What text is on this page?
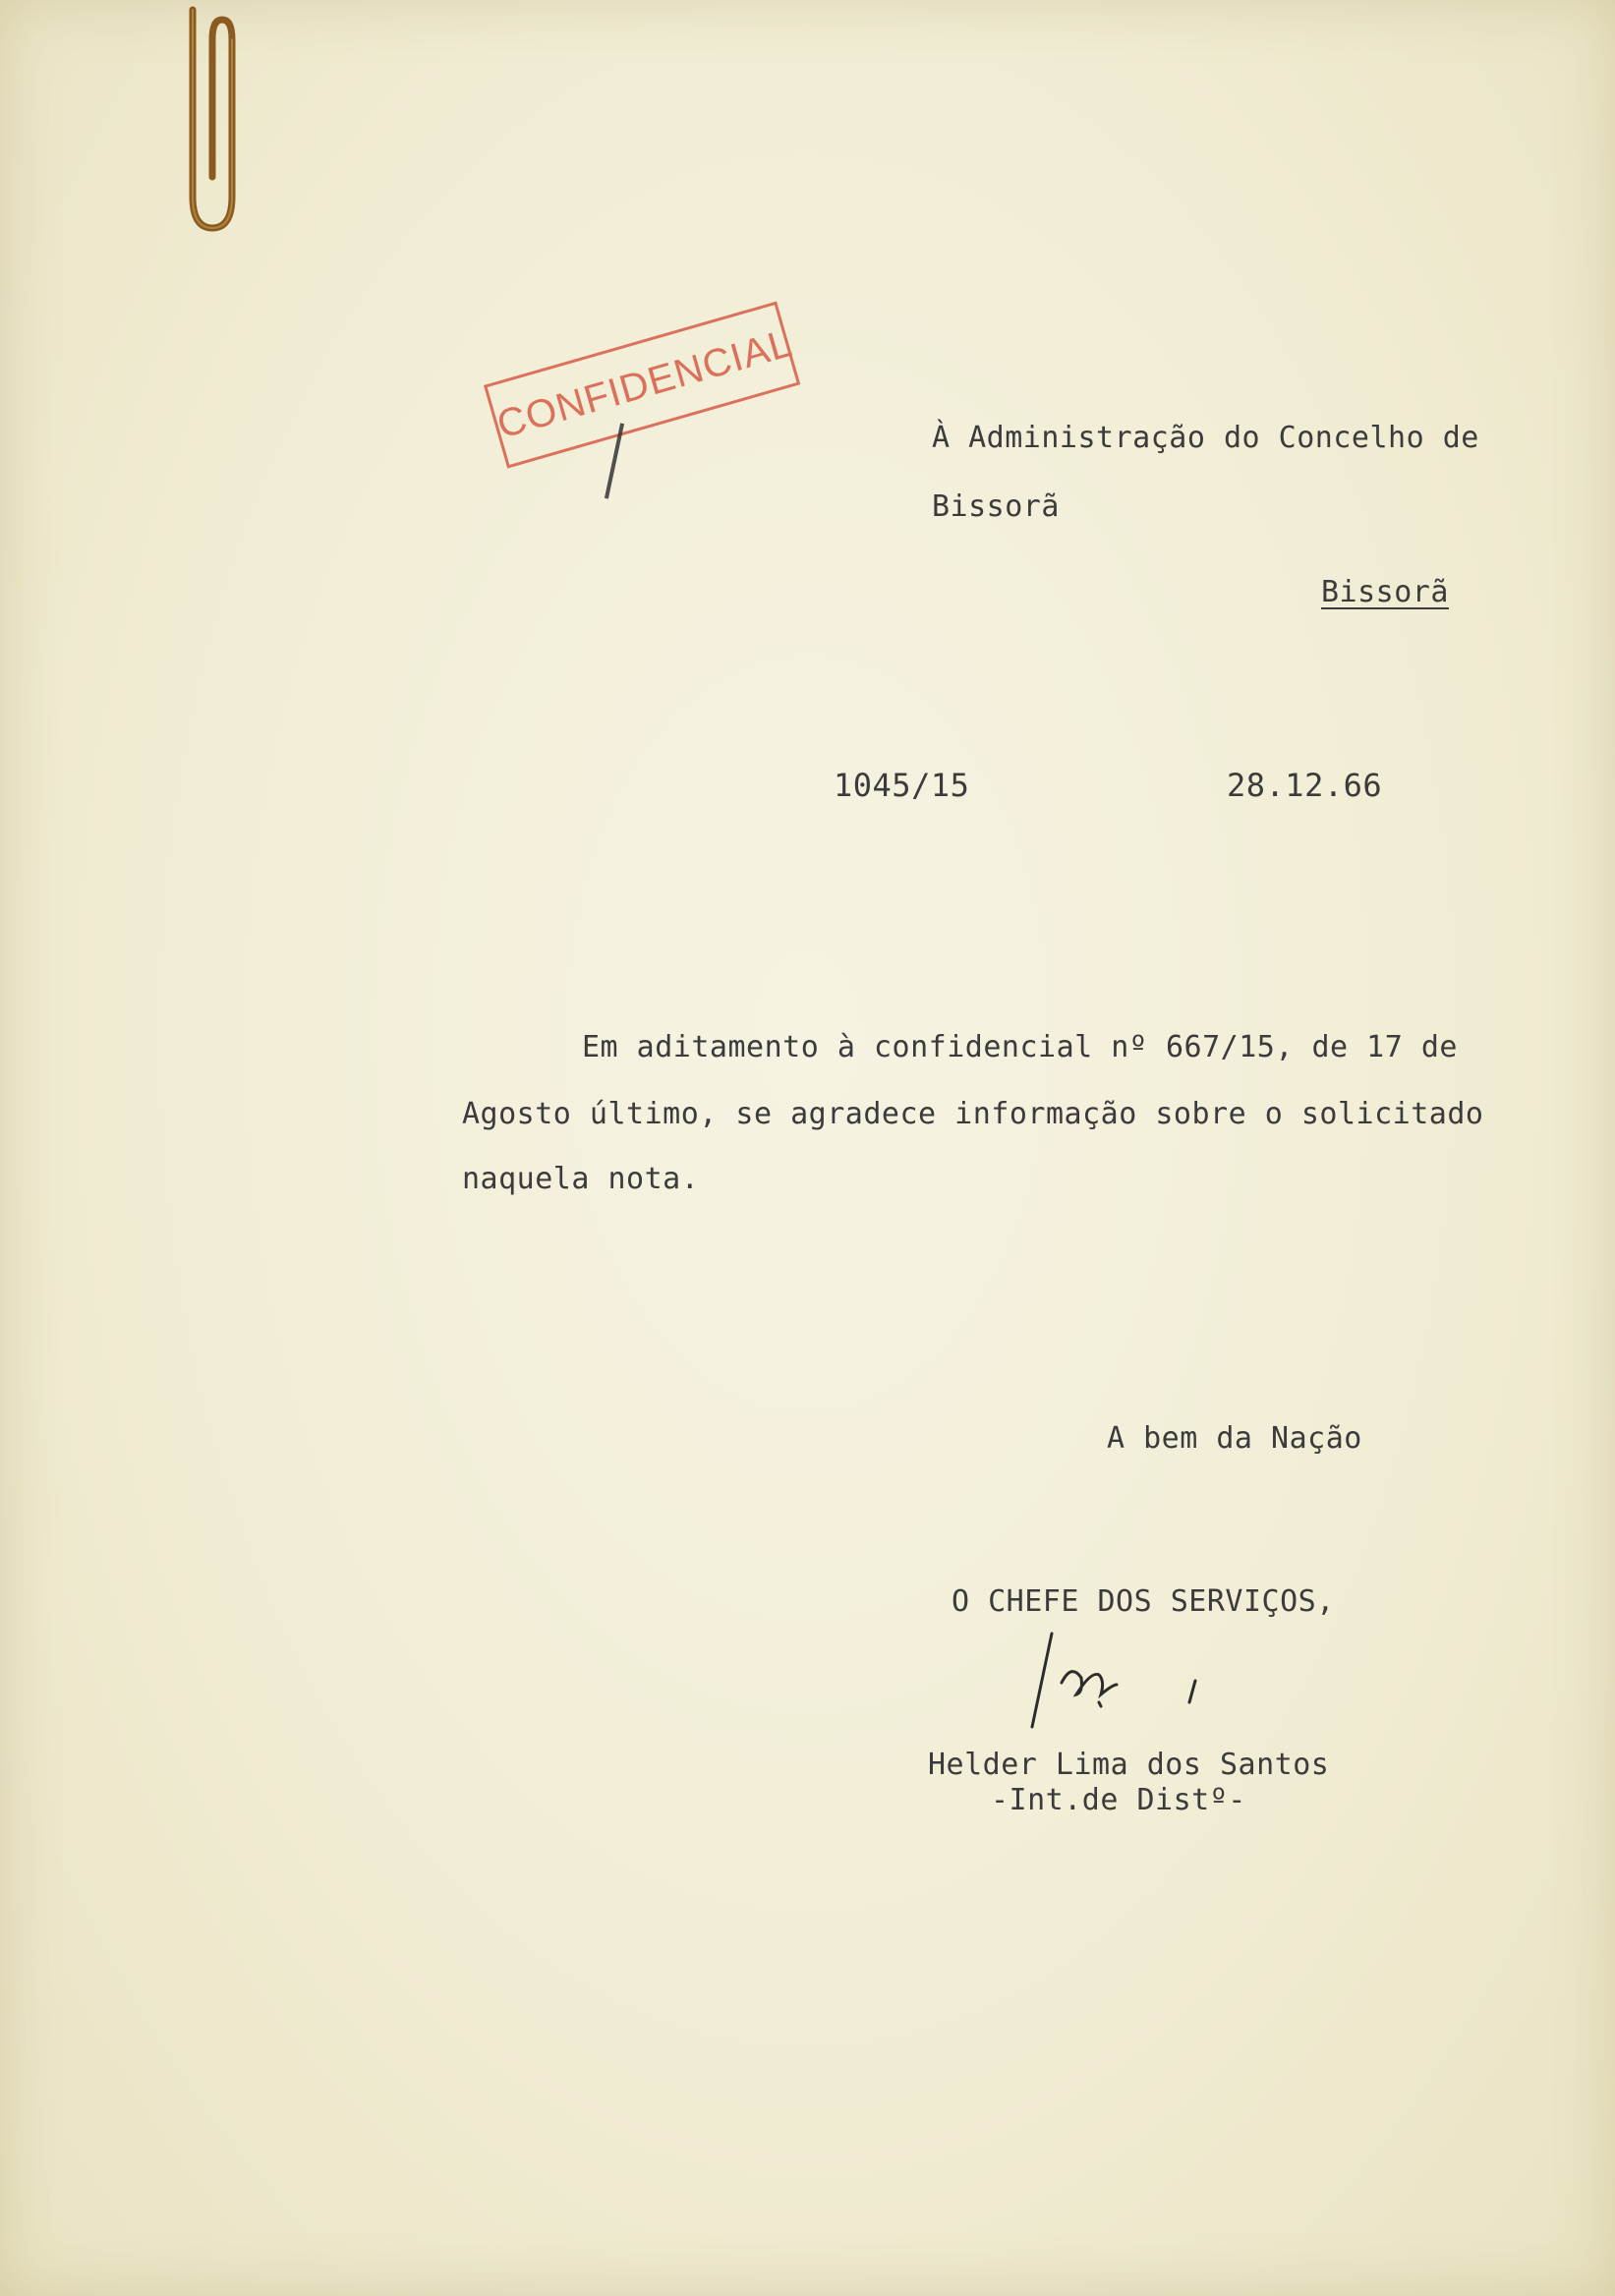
CONFIDENCIAL	À Administração do Concelho de
Bissorã
Bissorã
1045/15	28.12.66
Em aditamento à confidencial nº 667/15, de 17 de
Agosto último, se agradece informação sobre o solicitado
naquela nota.
A bem da Nação
O CHEFE DOS SERVIÇOS,
Helder Lima dos Santos
-Int.de Distº-
